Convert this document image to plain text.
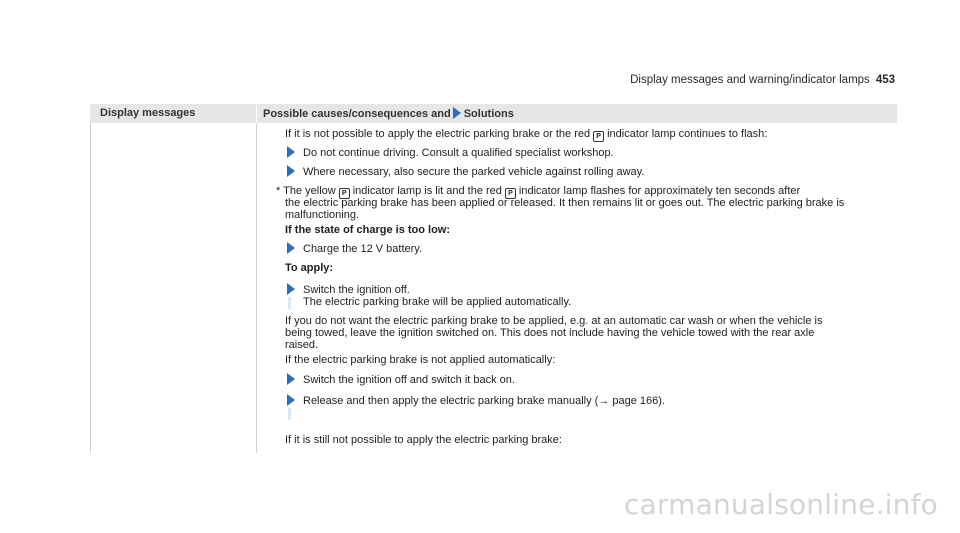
Display messages and warning/indicator lamps 453
Display messages	Possible causes/consequences and Solutions
If it is not possible to apply the electric parking brake or the red P indicator lamp continues to flash:
Do not continue driving. Consult a qualified specialist workshop.
Where necessary, also secure the parked vehicle against rolling away.
* The yellow P indicator lamp is lit and the red P indicator lamp flashes for approximately ten seconds after
the electric parking brake has been applied or released. It then remains lit or goes out. The electric parking brake is
malfunctioning.
If the state of charge is too low:
Charge the 12 V battery.
To apply:
Switch the ignition off.
The electric parking brake will be applied automatically.
If you do not want the electric parking brake to be applied, e.g. at an automatic car wash or when the vehicle is
being towed, leave the ignition switched on. This does not include having the vehicle towed with the rear axle
raised.
If the electric parking brake is not applied automatically:
Switch the ignition off and switch it back on.
Release and then apply the electric parking brake manually (→ page 166).
If it is still not possible to apply the electric parking brake:
carmanualsonline.info
